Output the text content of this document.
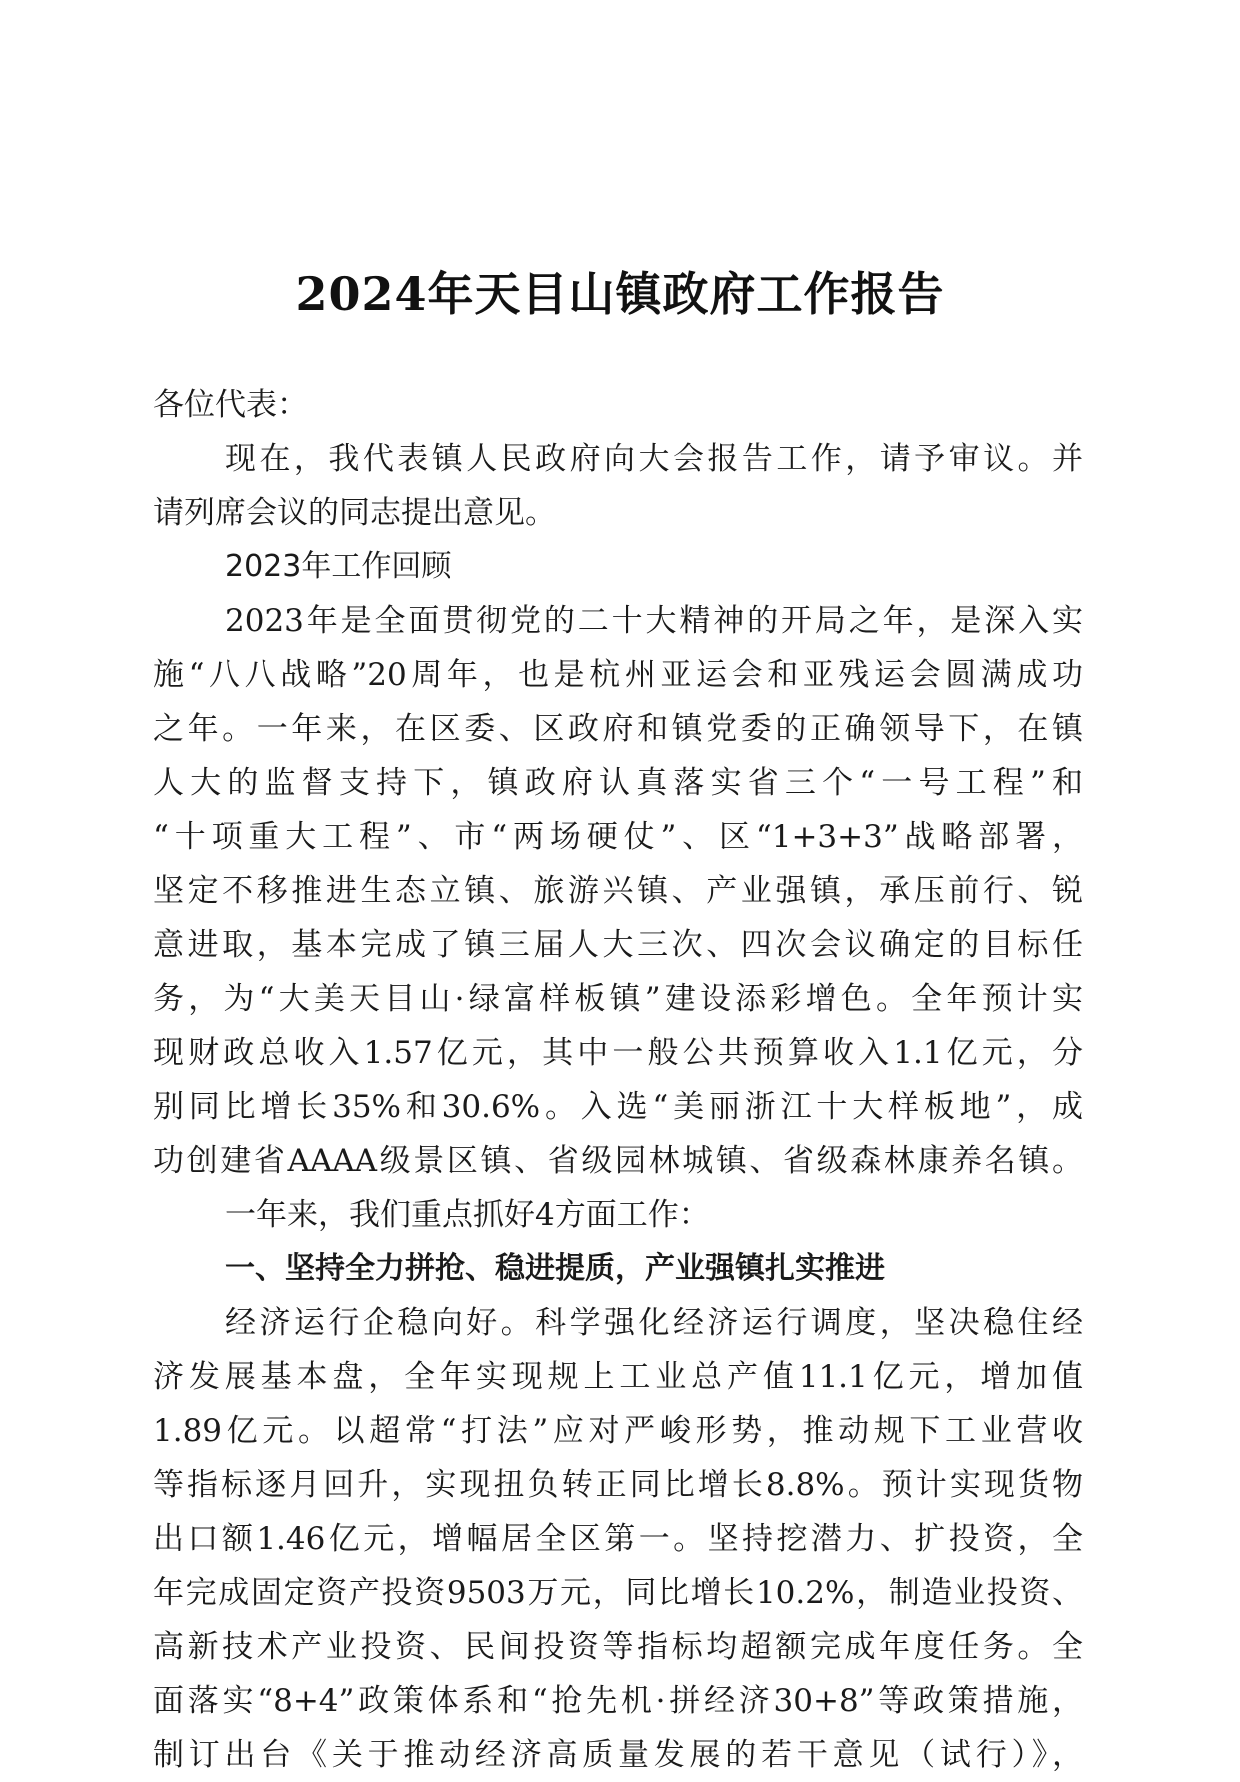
2024年天目山镇政府工作报告
各位代表：
现在，我代表镇人民政府向大会报告工作，请予审议。并
请列席会议的同志提出意见。
2023年工作回顾
2023年是全面贯彻党的二十大精神的开局之年，是深入实
施“八八战略”20周年，也是杭州亚运会和亚残运会圆满成功
之年。一年来，在区委、区政府和镇党委的正确领导下，在镇
人大的监督支持下，镇政府认真落实省三个“一号工程”和
“十项重大工程”、市“两场硬仗”、区“1+3+3”战略部署，
坚定不移推进生态立镇、旅游兴镇、产业强镇，承压前行、锐
意进取，基本完成了镇三届人大三次、四次会议确定的目标任
务，为“大美天目山·绿富样板镇”建设添彩增色。全年预计实
现财政总收入1.57亿元，其中一般公共预算收入1.1亿元，分
别同比增长35%和30.6%。入选“美丽浙江十大样板地”，成
功创建省AAAA级景区镇、省级园林城镇、省级森林康养名镇。
一年来，我们重点抓好4方面工作：
一、坚持全力拼抢、稳进提质，产业强镇扎实推进
经济运行企稳向好。科学强化经济运行调度，坚决稳住经
济发展基本盘，全年实现规上工业总产值11.1亿元，增加值
1.89亿元。以超常“打法”应对严峻形势，推动规下工业营收
等指标逐月回升，实现扭负转正同比增长8.8%。预计实现货物
出口额1.46亿元，增幅居全区第一。坚持挖潜力、扩投资，全
年完成固定资产投资9503万元，同比增长10.2%，制造业投资、
高新技术产业投资、民间投资等指标均超额完成年度任务。全
面落实“8+4”政策体系和“抢先机·拼经济30+8”等政策措施，
制订出台《关于推动经济高质量发展的若干意见（试行）》，
